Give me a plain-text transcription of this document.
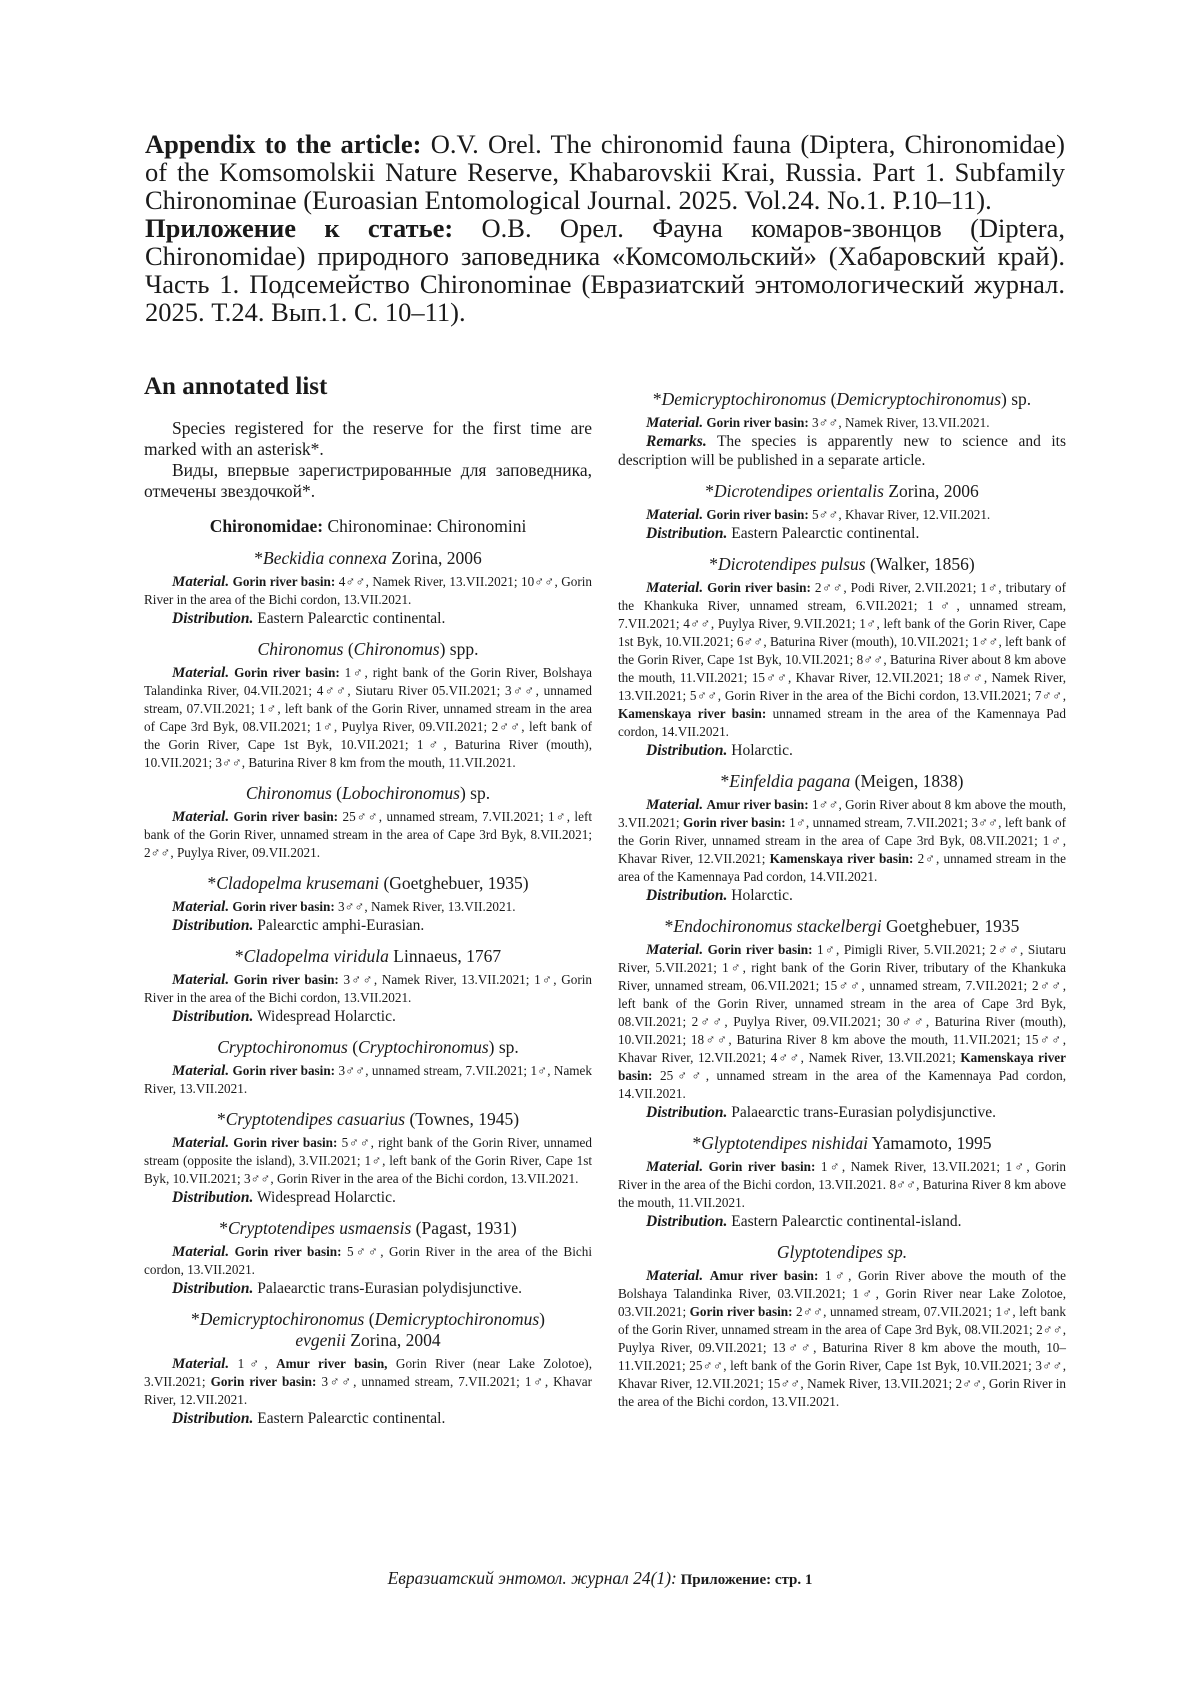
Appendix to the article: O.V. Orel. The chironomid fauna (Diptera, Chironomidae) of the Komsomolskii Nature Reserve, Khabarovskii Krai, Russia. Part 1. Subfamily Chironominae (Euroasian Entomological Journal. 2025. Vol.24. No.1. P.10–11).

Приложение к статье: О.В. Орел. Фауна комаров-звонцов (Diptera, Chironomidae) природного заповедника «Комсомольский» (Хабаровский край). Часть 1. Подсемейство Chironominae (Евразиатский энтомологический журнал. 2025. Т.24. Вып.1. С. 10–11).

An annotated list

Species registered for the reserve for the first time are marked with an asterisk*.

Виды, впервые зарегистрированные для заповедника, отмечены звездочкой*.

Chironomidae: Chironominae: Chironomini
*Beckidia connexa Zorina, 2006

Material. Gorin river basin: 4♂♂, Namek River, 13.VII.2021; 10♂♂, Gorin River in the area of the Bichi cordon, 13.VII.2021.

Distribution. Eastern Palearctic continental.

Chironomus (Chironomus) spp.

Material. Gorin river basin: 1♂, right bank of the Gorin River, Bolshaya Talandinka River, 04.VII.2021; 4♂♂, Siutaru River 05.VII.2021; 3♂♂, unnamed stream, 07.VII.2021; 1♂, left bank of the Gorin River, unnamed stream in the area of Cape 3rd Byk, 08.VII.2021; 1♂, Puylya River, 09.VII.2021; 2♂♂, left bank of the Gorin River, Cape 1st Byk, 10.VII.2021; 1♂, Baturina River (mouth), 10.VII.2021; 3♂♂, Baturina River 8 km from the mouth, 11.VII.2021.

Chironomus (Lobochironomus) sp.

Material. Gorin river basin: 25♂♂, unnamed stream, 7.VII.2021; 1♂, left bank of the Gorin River, unnamed stream in the area of Cape 3rd Byk, 8.VII.2021; 2♂♂, Puylya River, 09.VII.2021.

*Cladopelma krusemani (Goetghebuer, 1935)

Material. Gorin river basin: 3♂♂, Namek River, 13.VII.2021.

Distribution. Palearctic amphi-Eurasian.

*Cladopelma viridula Linnaeus, 1767

Material. Gorin river basin: 3♂♂, Namek River, 13.VII.2021; 1♂, Gorin River in the area of the Bichi cordon, 13.VII.2021.

Distribution. Widespread Holarctic.

Cryptochironomus (Cryptochironomus) sp.

Material. Gorin river basin: 3♂♂, unnamed stream, 7.VII.2021; 1♂, Namek River, 13.VII.2021.

*Cryptotendipes casuarius (Townes, 1945)

Material. Gorin river basin: 5♂♂, right bank of the Gorin River, unnamed stream (opposite the island), 3.VII.2021; 1♂, left bank of the Gorin River, Cape 1st Byk, 10.VII.2021; 3♂♂, Gorin River in the area of the Bichi cordon, 13.VII.2021.

Distribution. Widespread Holarctic.

*Cryptotendipes usmaensis (Pagast, 1931)

Material. Gorin river basin: 5♂♂, Gorin River in the area of the Bichi cordon, 13.VII.2021.

Distribution. Palaearctic trans-Eurasian polydisjunctive.

*Demicryptochironomus (Demicryptochironomus)
evgenii Zorina, 2004

Material. 1♂, Amur river basin, Gorin River (near Lake Zolotoe), 3.VII.2021; Gorin river basin: 3♂♂, unnamed stream, 7.VII.2021; 1♂, Khavar River, 12.VII.2021.

Distribution. Eastern Palearctic continental.

*Demicryptochironomus (Demicryptochironomus) sp.

Material. Gorin river basin: 3♂♂, Namek River, 13.VII.2021.

Remarks. The species is apparently new to science and its description will be published in a separate article.

*Dicrotendipes orientalis Zorina, 2006

Material. Gorin river basin: 5♂♂, Khavar River, 12.VII.2021.

Distribution. Eastern Palearctic continental.

*Dicrotendipes pulsus (Walker, 1856)

Material. Gorin river basin: 2♂♂, Podi River, 2.VII.2021; 1♂, tributary of the Khankuka River, unnamed stream, 6.VII.2021; 1♂, unnamed stream, 7.VII.2021; 4♂♂, Puylya River, 9.VII.2021; 1♂, left bank of the Gorin River, Cape 1st Byk, 10.VII.2021; 6♂♂, Baturina River (mouth), 10.VII.2021; 1♂♂, left bank of the Gorin River, Cape 1st Byk, 10.VII.2021; 8♂♂, Baturina River about 8 km above the mouth, 11.VII.2021; 15♂♂, Khavar River, 12.VII.2021; 18♂♂, Namek River, 13.VII.2021; 5♂♂, Gorin River in the area of the Bichi cordon, 13.VII.2021; 7♂♂, Kamenskaya river basin: unnamed stream in the area of the Kamennaya Pad cordon, 14.VII.2021.

Distribution. Holarctic.

*Einfeldia pagana (Meigen, 1838)

Material. Amur river basin: 1♂♂, Gorin River about 8 km above the mouth, 3.VII.2021; Gorin river basin: 1♂, unnamed stream, 7.VII.2021; 3♂♂, left bank of the Gorin River, unnamed stream in the area of Cape 3rd Byk, 08.VII.2021; 1♂, Khavar River, 12.VII.2021; Kamenskaya river basin: 2♂, unnamed stream in the area of the Kamennaya Pad cordon, 14.VII.2021.

Distribution. Holarctic.

*Endochironomus stackelbergi Goetghebuer, 1935

Material. Gorin river basin: 1♂, Pimigli River, 5.VII.2021; 2♂♂, Siutaru River, 5.VII.2021; 1♂, right bank of the Gorin River, tributary of the Khankuka River, unnamed stream, 06.VII.2021; 15♂♂, unnamed stream, 7.VII.2021; 2♂♂, left bank of the Gorin River, unnamed stream in the area of Cape 3rd Byk, 08.VII.2021; 2♂♂, Puylya River, 09.VII.2021; 30♂♂, Baturina River (mouth), 10.VII.2021; 18♂♂, Baturina River 8 km above the mouth, 11.VII.2021; 15♂♂, Khavar River, 12.VII.2021; 4♂♂, Namek River, 13.VII.2021; Kamenskaya river basin: 25♂♂, unnamed stream in the area of the Kamennaya Pad cordon, 14.VII.2021.

Distribution. Palaearctic trans-Eurasian polydisjunctive.

*Glyptotendipes nishidai Yamamoto, 1995

Material. Gorin river basin: 1♂, Namek River, 13.VII.2021; 1♂, Gorin River in the area of the Bichi cordon, 13.VII.2021. 8♂♂, Baturina River 8 km above the mouth, 11.VII.2021.

Distribution. Eastern Palearctic continental-island.

Glyptotendipes sp.

Material. Amur river basin: 1♂, Gorin River above the mouth of the Bolshaya Talandinka River, 03.VII.2021; 1♂, Gorin River near Lake Zolotoe, 03.VII.2021; Gorin river basin: 2♂♂, unnamed stream, 07.VII.2021; 1♂, left bank of the Gorin River, unnamed stream in the area of Cape 3rd Byk, 08.VII.2021; 2♂♂, Puylya River, 09.VII.2021; 13♂♂, Baturina River 8 km above the mouth, 10–11.VII.2021; 25♂♂, left bank of the Gorin River, Cape 1st Byk, 10.VII.2021; 3♂♂, Khavar River, 12.VII.2021; 15♂♂, Namek River, 13.VII.2021; 2♂♂, Gorin River in the area of the Bichi cordon, 13.VII.2021.

Евразиатский энтомол. журнал 24(1): Приложение: стр. 1
